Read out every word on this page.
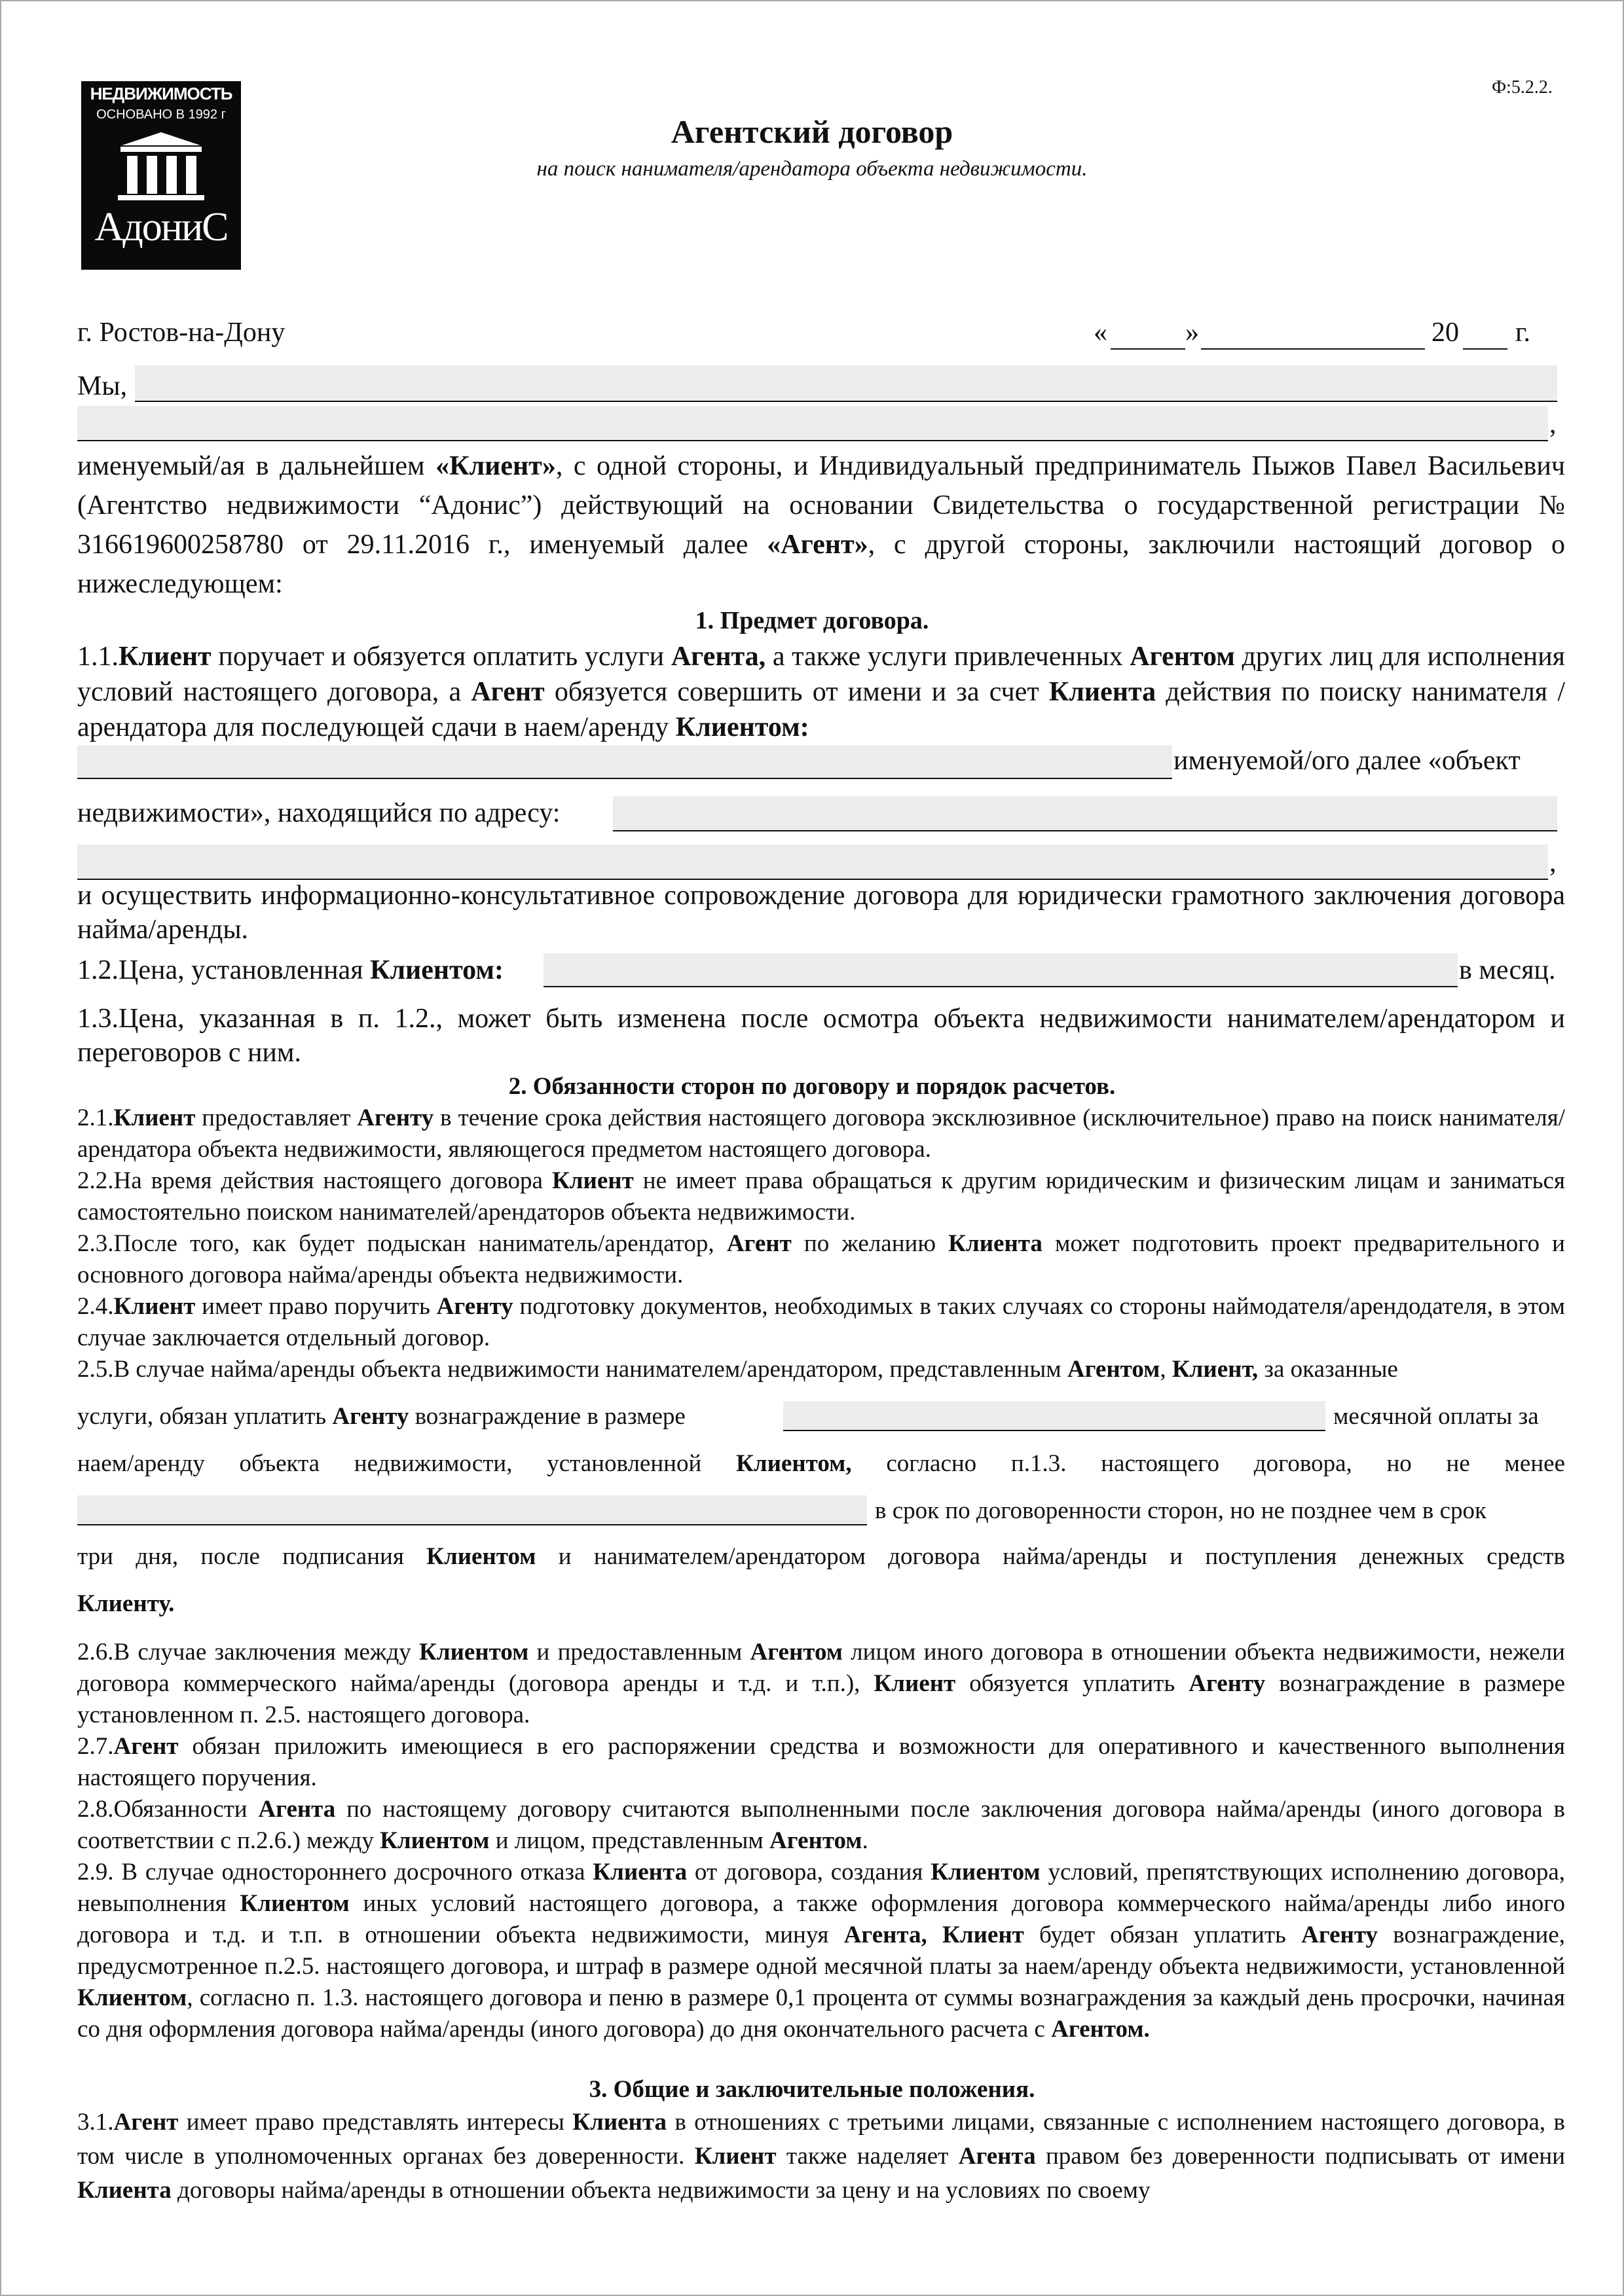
НЕДВИЖИМОСТЬ
ОСНОВАНО В 1992 г
АдониС
Ф:5.2.2.
Агентский договор
на поиск нанимателя/арендатора объекта недвижимости.
г. Ростов-на-Дону	«	»	20 г.
Мы,
,

именуемый/ая в дальнейшем «Клиент», с одной стороны, и Индивидуальный предприниматель Пыжов Павел Васильевич (Агентство недвижимости “Адонис”) действующий на основании Свидетельства о государственной регистрации № 316619600258780 от 29.11.2016 г., именуемый далее «Агент», с другой стороны, заключили настоящий договор о нижеследующем:

1. Предмет договора.

1.1.Клиент поручает и обязуется оплатить услуги Агента, а также услуги привлеченных Агентом других лиц для исполнения условий настоящего договора, а Агент обязуется совершить от имени и за счет Клиента действия по поиску нанимателя / арендатора для последующей сдачи в наем/аренду Клиентом:

именуемой/ого далее «объект
недвижимости», находящийся по адресу:
,

и осуществить информационно-консультативное сопровождение договора для юридически грамотного заключения договора найма/аренды.

1.2.Цена, установленная Клиентом:	в месяц.

1.3.Цена, указанная в п. 1.2., может быть изменена после осмотра объекта недвижимости нанимателем/арендатором и переговоров с ним.

2. Обязанности сторон по договору и порядок расчетов.

2.1.Клиент предоставляет Агенту в течение срока действия настоящего договора эксклюзивное (исключительное) право на поиск нанимателя/арендатора объекта недвижимости, являющегося предметом настоящего договора.

2.2.На время действия настоящего договора Клиент не имеет права обращаться к другим юридическим и физическим лицам и заниматься самостоятельно поиском нанимателей/арендаторов объекта недвижимости.

2.3.После того, как будет подыскан наниматель/арендатор, Агент по желанию Клиента может подготовить проект предварительного и основного договора найма/аренды объекта недвижимости.

2.4.Клиент имеет право поручить Агенту подготовку документов, необходимых в таких случаях со стороны наймодателя/арендодателя, в этом случае заключается отдельный договор.

2.5.В случае найма/аренды объекта недвижимости нанимателем/арендатором, представленным Агентом, Клиент, за оказанные

услуги, обязан уплатить Агенту вознаграждение в размере	месячной оплаты за

наем/аренду объекта недвижимости, установленной Клиентом, согласно п.1.3. настоящего договора, но не менее

в срок по договоренности сторон, но не позднее чем в срок

три дня, после подписания Клиентом и нанимателем/арендатором договора найма/аренды и поступления денежных средств

Клиенту.

2.6.В случае заключения между Клиентом и предоставленным Агентом лицом иного договора в отношении объекта недвижимости, нежели договора коммерческого найма/аренды (договора аренды и т.д. и т.п.), Клиент обязуется уплатить Агенту вознаграждение в размере установленном п. 2.5. настоящего договора.

2.7.Агент обязан приложить имеющиеся в его распоряжении средства и возможности для оперативного и качественного выполнения настоящего поручения.

2.8.Обязанности Агента по настоящему договору считаются выполненными после заключения договора найма/аренды (иного договора в соответствии с п.2.6.) между Клиентом и лицом, представленным Агентом.

2.9. В случае одностороннего досрочного отказа Клиента от договора, создания Клиентом условий, препятствующих исполнению договора, невыполнения Клиентом иных условий настоящего договора, а также оформления договора коммерческого найма/аренды либо иного договора и т.д. и т.п. в отношении объекта недвижимости, минуя Агента, Клиент будет обязан уплатить Агенту вознаграждение, предусмотренное п.2.5. настоящего договора, и штраф в размере одной месячной платы за наем/аренду объекта недвижимости, установленной Клиентом, согласно п. 1.3. настоящего договора и пеню в размере 0,1 процента от суммы вознаграждения за каждый день просрочки, начиная со дня оформления договора найма/аренды (иного договора) до дня окончательного расчета с Агентом.

3. Общие и заключительные положения.

3.1.Агент имеет право представлять интересы Клиента в отношениях с третьими лицами, связанные с исполнением настоящего договора, в том числе в уполномоченных органах без доверенности. Клиент также наделяет Агента правом без доверенности подписывать от имени Клиента договоры найма/аренды в отношении объекта недвижимости за цену и на условиях по своему
